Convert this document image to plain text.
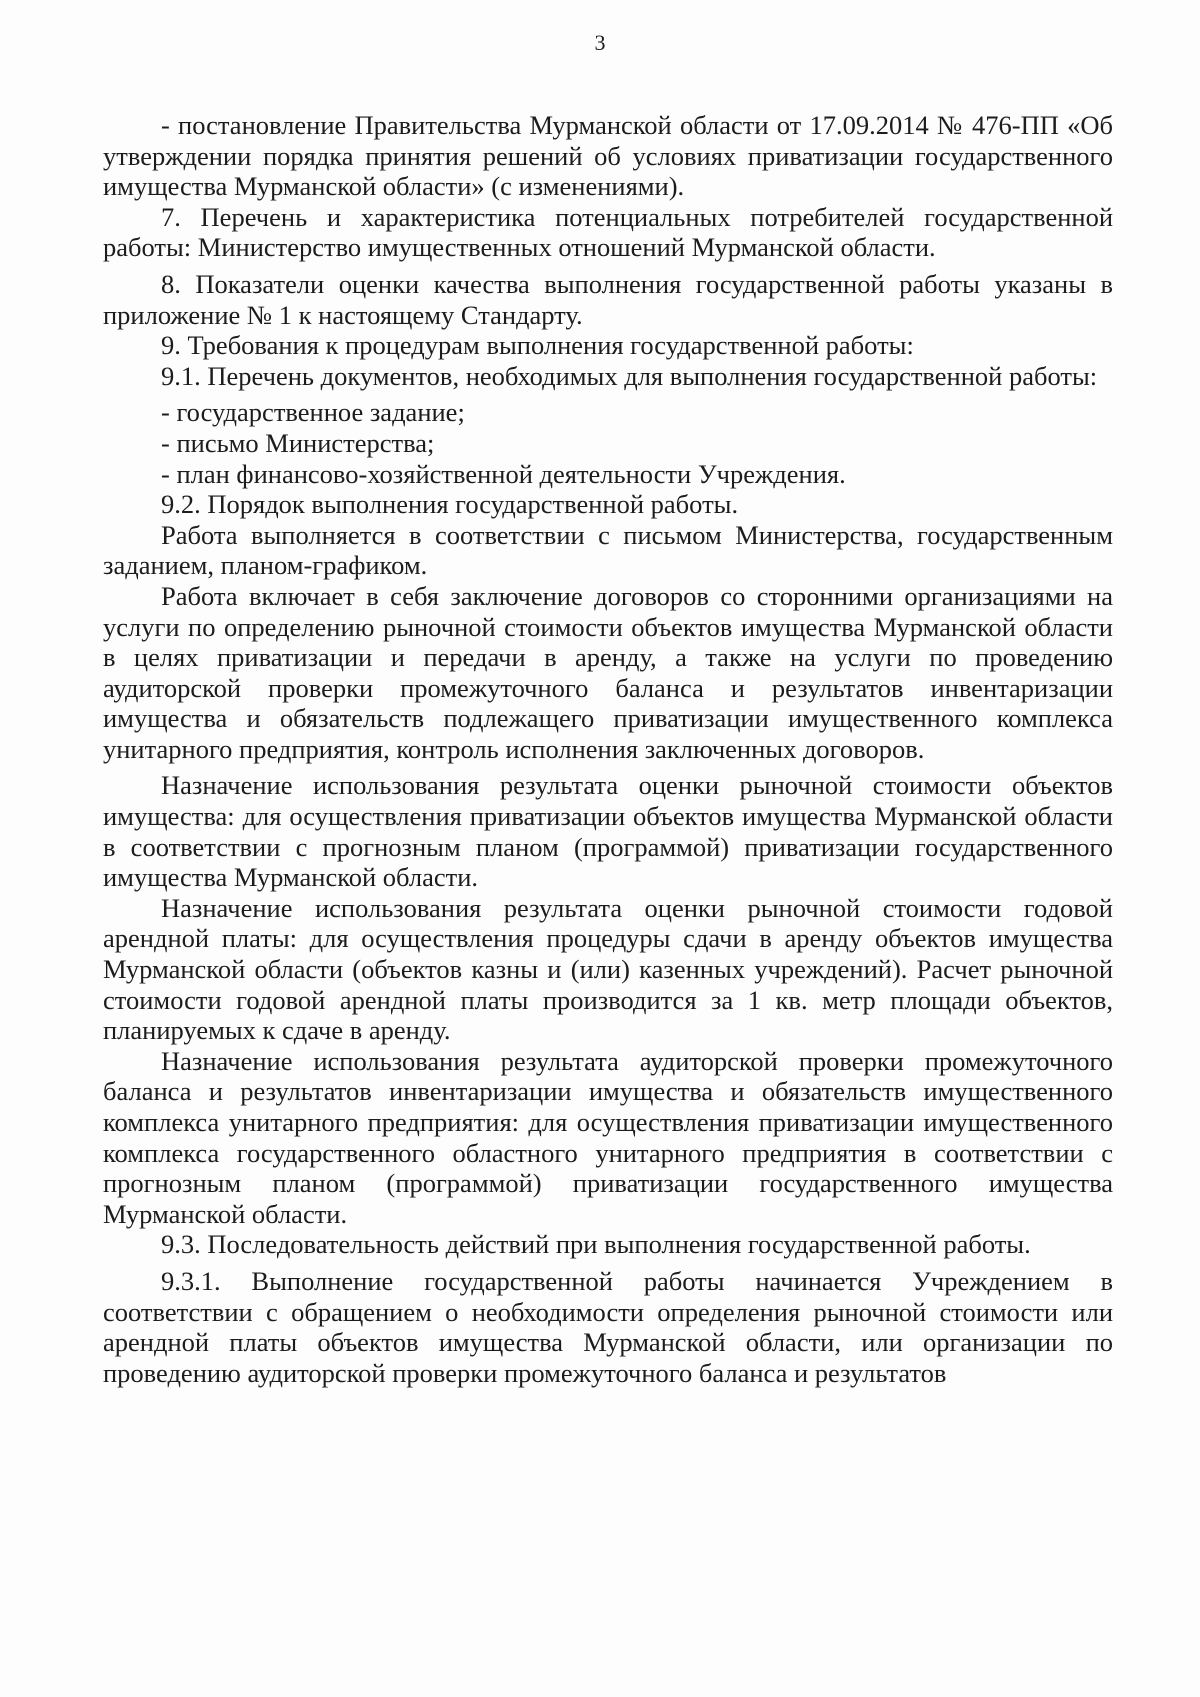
3

- постановление Правительства Мурманской области от 17.09.2014 № 476-ПП «Об утверждении порядка принятия решений об условиях приватизации государственного имущества Мурманской области» (с изменениями).

7. Перечень и характеристика потенциальных потребителей государственной работы: Министерство имущественных отношений Мурманской области.

8. Показатели оценки качества выполнения государственной работы указаны в приложение № 1 к настоящему Стандарту.

9. Требования к процедурам выполнения государственной работы:

9.1. Перечень документов, необходимых для выполнения государственной работы:

- государственное задание;

- письмо Министерства;

- план финансово-хозяйственной деятельности Учреждения.

9.2. Порядок выполнения государственной работы.

Работа выполняется в соответствии с письмом Министерства, государственным заданием, планом-графиком.

Работа включает в себя заключение договоров со сторонними организациями на услуги по определению рыночной стоимости объектов имущества Мурманской области в целях приватизации и передачи в аренду, а также на услуги по проведению аудиторской проверки промежуточного баланса и результатов инвентаризации имущества и обязательств подлежащего приватизации имущественного комплекса унитарного предприятия, контроль исполнения заключенных договоров.

Назначение использования результата оценки рыночной стоимости объектов имущества: для осуществления приватизации объектов имущества Мурманской области в соответствии с прогнозным планом (программой) приватизации государственного имущества Мурманской области.

Назначение использования результата оценки рыночной стоимости годовой арендной платы: для осуществления процедуры сдачи в аренду объектов имущества Мурманской области (объектов казны и (или) казенных учреждений). Расчет рыночной стоимости годовой арендной платы производится за 1 кв. метр площади объектов, планируемых к сдаче в аренду.

Назначение использования результата аудиторской проверки промежуточного баланса и результатов инвентаризации имущества и обязательств имущественного комплекса унитарного предприятия: для осуществления приватизации имущественного комплекса государственного областного унитарного предприятия в соответствии с прогнозным планом (программой) приватизации государственного имущества Мурманской области.

9.3. Последовательность действий при выполнения государственной работы.

9.3.1. Выполнение государственной работы начинается Учреждением в соответствии с обращением о необходимости определения рыночной стоимости или арендной платы объектов имущества Мурманской области, или организации по проведению аудиторской проверки промежуточного баланса и результатов
